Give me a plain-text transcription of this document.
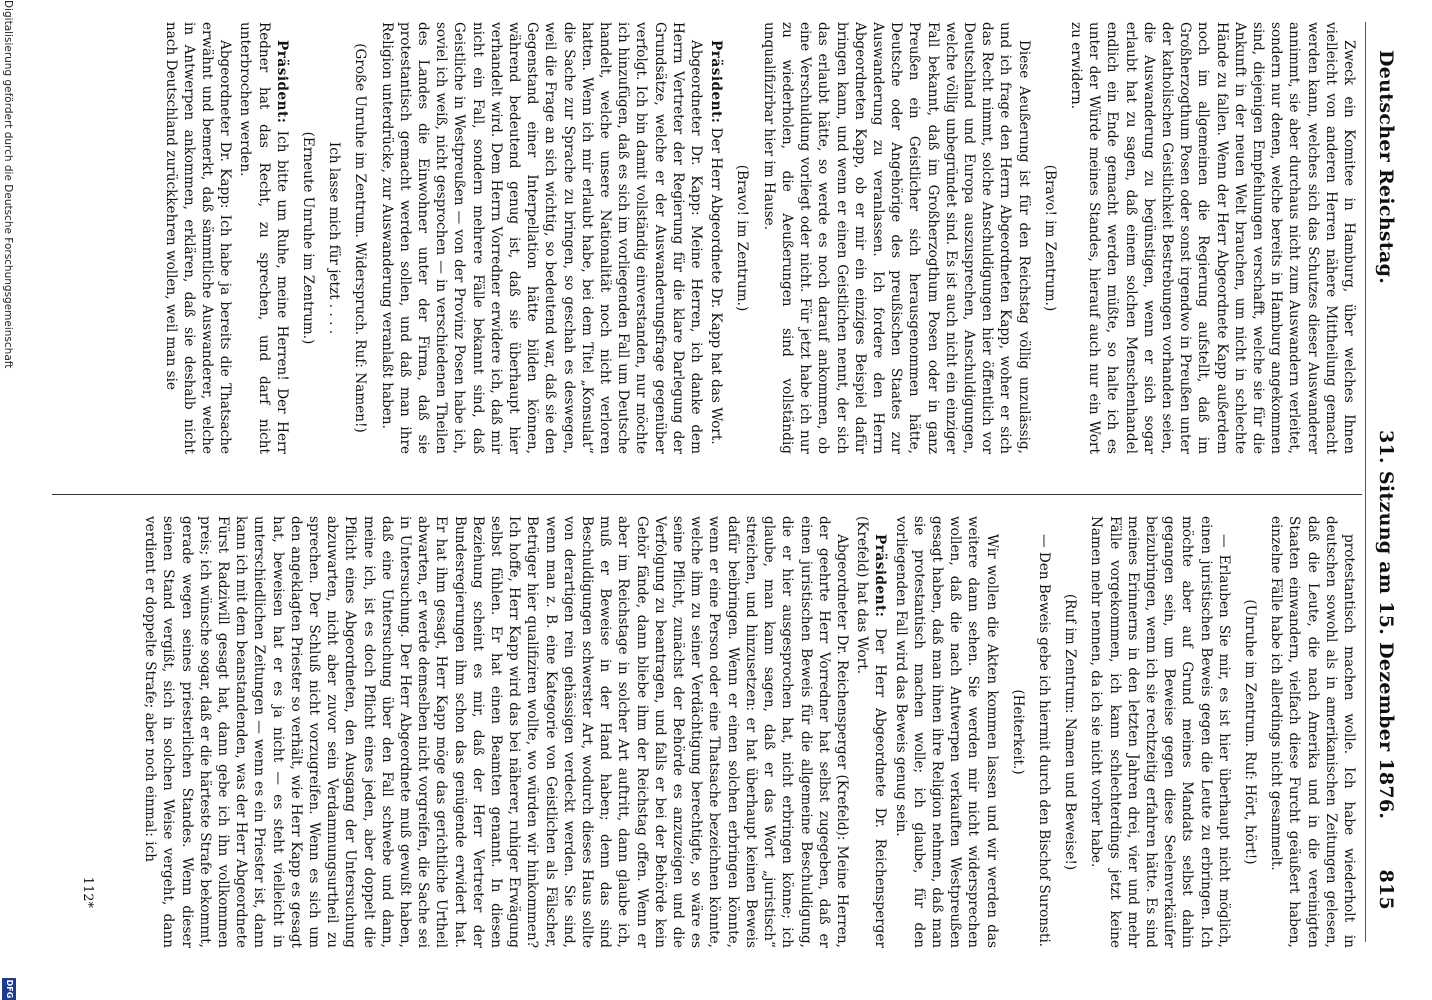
Deutscher Reichstag.
31. Sitzung am 15. Dezember 1876.
815
Zweck ein Komitee in Hamburg, über welches Ihnen vielleicht von anderen Herren nähere Mittheilung gemacht werden kann, welches sich das Schutzes dieser Auswanderer annimmt, sie aber durchaus nicht zum Auswandern verleitet, sondern nur denen, welche bereits in Hamburg angekommen sind, diejenigen Empfehlungen verschafft, welche sie für die Ankunft in der neuen Welt brauchen, um nicht in schlechte Hände zu fallen. Wenn der Herr Abgeordnete Kapp außerdem noch im allgemeinen die Regierung aufstellt, daß im Großherzogthum Posen oder sonst irgendwo in Preußen unter der katholischen Geistlichkeit Bestrebungen vorhanden seien, die Auswanderung zu begünstigen, wenn er sich sogar erlaubt hat zu sagen, daß einem solchen Menschenhandel endlich ein Ende gemacht werden müßte, so halte ich es unter der Würde meines Standes, hierauf auch nur ein Wort zu erwidern.
(Bravo! im Zentrum.)
Diese Aeußerung ist für den Reichstag völlig unzulässig, und ich frage den Herrn Abgeordneten Kapp, woher er sich das Recht nimmt, solche Anschuldigungen hier öffentlich vor Deutschland und Europa auszusprechen, Anschuldigungen, welche völlig unbegründet sind. Es ist auch nicht ein einziger Fall bekannt, daß im Großherzogthum Posen oder in ganz Preußen ein Geistlicher sich herausgenommen hätte, Deutsche oder Angehörige des preußischen Staates zur Auswanderung zu veranlassen. Ich fordere den Herrn Abgeordneten Kapp, ob er mir ein einziges Beispiel dafür bringen kann, und wenn er einen Geistlichen nennt, der sich das erlaubt hätte, so werde es noch darauf ankommen, ob eine Verschuldung vorliegt oder nicht. Für jetzt habe ich nur zu wiederholen, die Aeußerungen sind vollständig unqualifizirbar hier im Hause.
(Bravo! im Zentrum.)
Präsident: Der Herr Abgeordnete Dr. Kapp hat das Wort.
Abgeordneter Dr. Kapp: Meine Herren, ich danke dem Herrn Vertreter der Regierung für die klare Darlegung der Grundsätze, welche er der Auswanderungsfrage gegenüber verfolgt. Ich bin damit vollständig einverstanden, nur möchte ich hinzufügen, daß es sich im vorliegenden Fall um Deutsche handelt, welche unsere Nationalität noch nicht verloren hatten. Wenn ich mir erlaubt habe, bei dem Titel „Konsulat“ die Sache zur Sprache zu bringen, so geschah es deswegen, weil die Frage an sich wichtig, so bedeutend war, daß sie den Gegenstand einer Interpellation hätte bilden können, während bedeutend genug ist, daß sie überhaupt hier verhandelt wird. Dem Herrn Vorredner erwidere ich, daß mir nicht ein Fall, sondern mehrere Fälle bekannt sind, daß Geistliche in Westpreußen — von der Provinz Posen habe ich, soviel ich weiß, nicht gesprochen — in verschiedenen Theilen des Landes die Einwohner unter der Firma, daß sie protestantisch gemacht werden sollen, und daß man ihre Religion unterdrücke, zur Auswanderung veranlaßt haben.
(Große Unruhe im Zentrum. Widerspruch. Ruf: Namen!)
Ich lasse mich für jetzt . . . .
(Erneute Unruhe im Zentrum.)
Präsident: Ich bitte um Ruhe, meine Herren! Der Herr Redner hat das Recht, zu sprechen, und darf nicht unterbrochen werden.
Abgeordneter Dr. Kapp: Ich habe ja bereits die Thatsache erwähnt und bemerkt, daß sämmtliche Auswanderer, welche in Antwerpen ankommen, erklären, daß sie deshalb nicht nach Deutschland zurückkehren wollen, weil man sie
protestantisch machen wolle. Ich habe wiederholt in deutschen sowohl als in amerikanischen Zeitungen gelesen, daß die Leute, die nach Amerika und in die vereinigten Staaten einwandern, vielfach diese Furcht geäußert haben, einzelne Fälle habe ich allerdings nicht gesammelt.
(Unruhe im Zentrum. Ruf: Hört, hört!)
— Erlauben Sie mir, es ist hier überhaupt nicht möglich, einen juristischen Beweis gegen die Leute zu erbringen. Ich möchte aber auf Grund meines Mandats selbst dahin gegangen sein, um Beweise gegen diese Seelenverkäufer beizubringen, wenn ich sie rechtzeitig erfahren hätte. Es sind meines Erinnerns in den letzten Jahren drei, vier und mehr Fälle vorgekommen, ich kann schlechterdings jetzt keine Namen mehr nennen, da ich sie nicht vorher habe.
(Ruf im Zentrum: Namen und Beweise!)
— Den Beweis gebe ich hiermit durch den Bischof Suronsti.
(Heiterkeit.)
Wir wollen die Akten kommen lassen und wir werden das weitere dann sehen. Sie werden mir nicht widersprechen wollen, daß die nach Antwerpen verkauften Westpreußen gesagt haben, daß man ihnen ihre Religion nehmen, daß man sie protestantisch machen wolle; ich glaube, für den vorliegenden Fall wird das Beweis genug sein.
Präsident: Der Herr Abgeordnete Dr. Reichensperger (Krefeld) hat das Wort.
Abgeordneter Dr. Reichensperger (Krefeld): Meine Herren, der geehrte Herr Vorredner hat selbst zugegeben, daß er einen juristischen Beweis für die allgemeine Beschuldigung, die er hier ausgesprochen hat, nicht erbringen könne; ich glaube, man kann sagen, daß er das Wort „juristisch“ streichen, und hinzusetzen: er hat überhaupt keinen Beweis dafür beibringen. Wenn er einen solchen erbringen könnte, wenn er eine Person oder eine Thatsache bezeichnen könnte, welche ihm zu seiner Verdächtigung berechtigte, so wäre es seine Pflicht, zunächst der Behörde es anzuzeigen und die Verfolgung zu beantragen, und falls er bei der Behörde kein Gehör fände, dann bliebe ihm der Reichstag offen. Wenn er aber im Reichstage in solcher Art auftritt, dann glaube ich, muß er Beweise in der Hand haben; denn das sind Beschuldigungen schwerster Art, wodurch dieses Haus sollte von derartigen rein gehässigen verdeckt werden. Sie sind, wenn man z. B. eine Kategorie von Geistlichen als Fälscher, Betrüger hier qualifiziren wollte, wo würden wir hinkommen? Ich hoffe, Herr Kapp wird das bei näherer, ruhiger Erwägung selbst fühlen. Er hat einen Beamten genannt. In diesen Beziehung scheint es mir, daß der Herr Vertreter der Bundesregierungen ihm schon das genügende erwidert hat. Er hat ihm gesagt, Herr Kapp möge das gerichtliche Urtheil abwarten, er werde demselben nicht vorgreifen, die Sache sei in Untersuchung. Der Herr Abgeordnete muß gewußt haben, daß eine Untersuchung über den Fall schwebe und dann, meine ich, ist es doch Pflicht eines jeden, aber doppelt die Pflicht eines Abgeordneten, den Ausgang der Untersuchung abzuwarten, nicht aber zuvor sein Verdammungsurtheil zu sprechen. Der Schluß nicht vorzugreifen. Wenn es sich um den angeklagten Priester so verhält, wie Herr Kapp es gesagt hat, beweisen hat er es ja nicht — es steht vielleicht in unterschiedlichen Zeitungen — wenn es ein Priester ist, dann kann ich mit dem beanstandenden, was der Herr Abgeordnete Fürst Radziwill gesagt hat, dann gebe ich ihn vollkommen preis; ich wünsche sogar, daß er die härteste Strafe bekommt, gerade wegen seines priesterlichen Standes. Wenn dieser seinen Stand vergißt, sich in solchen Weise vergeht, dann verdient er doppelte Strafe; aber noch einmal: ich
112*
Digitalisierung gefördert durch die Deutsche Forschungsgemeinschaft
DFG
